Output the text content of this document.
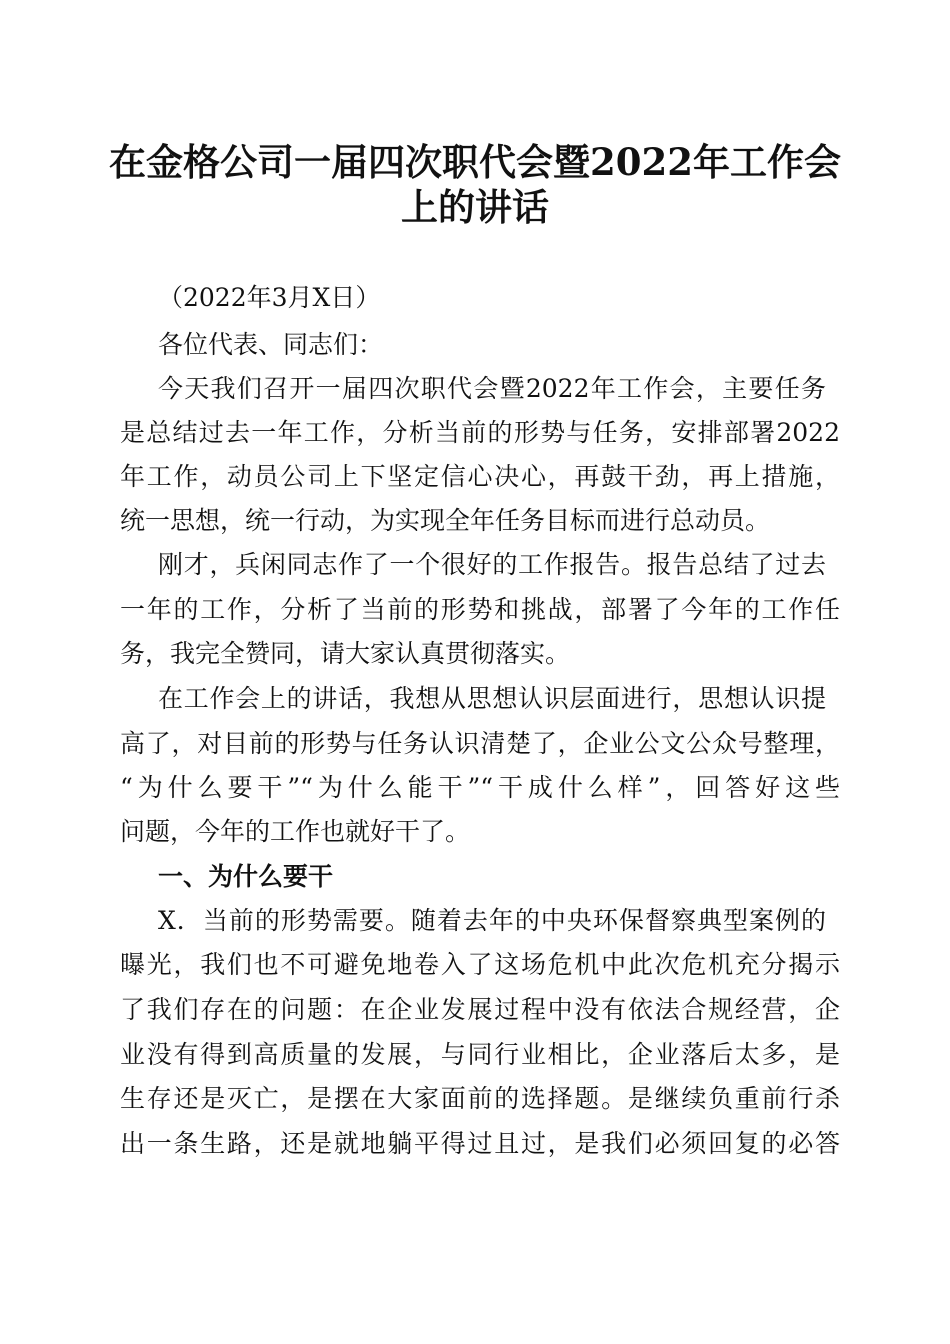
在金格公司一届四次职代会暨2022年工作会
上的讲话

（2022年3月X日）

各位代表、同志们：

今天我们召开一届四次职代会暨2022年工作会，主要任务

是总结过去一年工作，分析当前的形势与任务，安排部署2022

年工作，动员公司上下坚定信心决心，再鼓干劲，再上措施，

统一思想，统一行动，为实现全年任务目标而进行总动员。

刚才，兵闲同志作了一个很好的工作报告。报告总结了过去

一年的工作，分析了当前的形势和挑战，部署了今年的工作任

务，我完全赞同，请大家认真贯彻落实。

在工作会上的讲话，我想从思想认识层面进行，思想认识提

高了，对目前的形势与任务认识清楚了，企业公文公众号整理，

“为什么要干”“为什么能干”“干成什么样”，回答好这些

问题，今年的工作也就好干了。

一、为什么要干

X．当前的形势需要。随着去年的中央环保督察典型案例的

曝光，我们也不可避免地卷入了这场危机中此次危机充分揭示

了我们存在的问题：在企业发展过程中没有依法合规经营，企

业没有得到高质量的发展，与同行业相比，企业落后太多，是

生存还是灭亡，是摆在大家面前的选择题。是继续负重前行杀

出一条生路，还是就地躺平得过且过，是我们必须回复的必答
